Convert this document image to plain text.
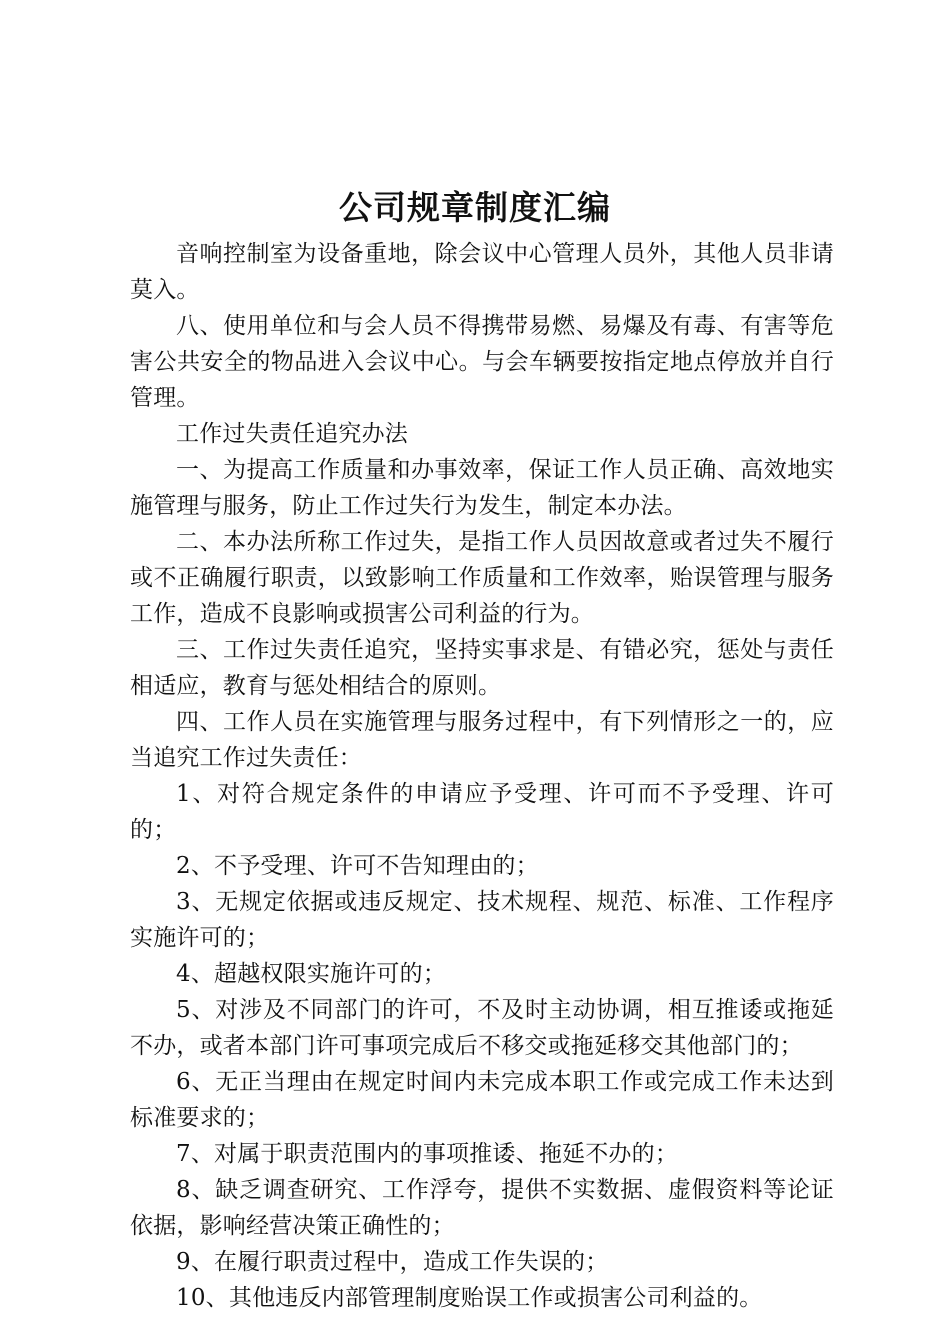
公司规章制度汇编

音响控制室为设备重地，除会议中心管理人员外，其他人员非请莫入。

八、使用单位和与会人员不得携带易燃、易爆及有毒、有害等危害公共安全的物品进入会议中心。与会车辆要按指定地点停放并自行管理。

工作过失责任追究办法

一、为提高工作质量和办事效率，保证工作人员正确、高效地实施管理与服务，防止工作过失行为发生，制定本办法。

二、本办法所称工作过失，是指工作人员因故意或者过失不履行或不正确履行职责，以致影响工作质量和工作效率，贻误管理与服务工作，造成不良影响或损害公司利益的行为。

三、工作过失责任追究，坚持实事求是、有错必究，惩处与责任相适应，教育与惩处相结合的原则。

四、工作人员在实施管理与服务过程中，有下列情形之一的，应当追究工作过失责任：

1、对符合规定条件的申请应予受理、许可而不予受理、许可的；

2、不予受理、许可不告知理由的；

3、无规定依据或违反规定、技术规程、规范、标准、工作程序实施许可的；

4、超越权限实施许可的；

5、对涉及不同部门的许可，不及时主动协调，相互推诿或拖延不办，或者本部门许可事项完成后不移交或拖延移交其他部门的；

6、无正当理由在规定时间内未完成本职工作或完成工作未达到标准要求的；

7、对属于职责范围内的事项推诿、拖延不办的；

8、缺乏调查研究、工作浮夸，提供不实数据、虚假资料等论证依据，影响经营决策正确性的；

9、在履行职责过程中，造成工作失误的；

10、其他违反内部管理制度贻误工作或损害公司利益的。
